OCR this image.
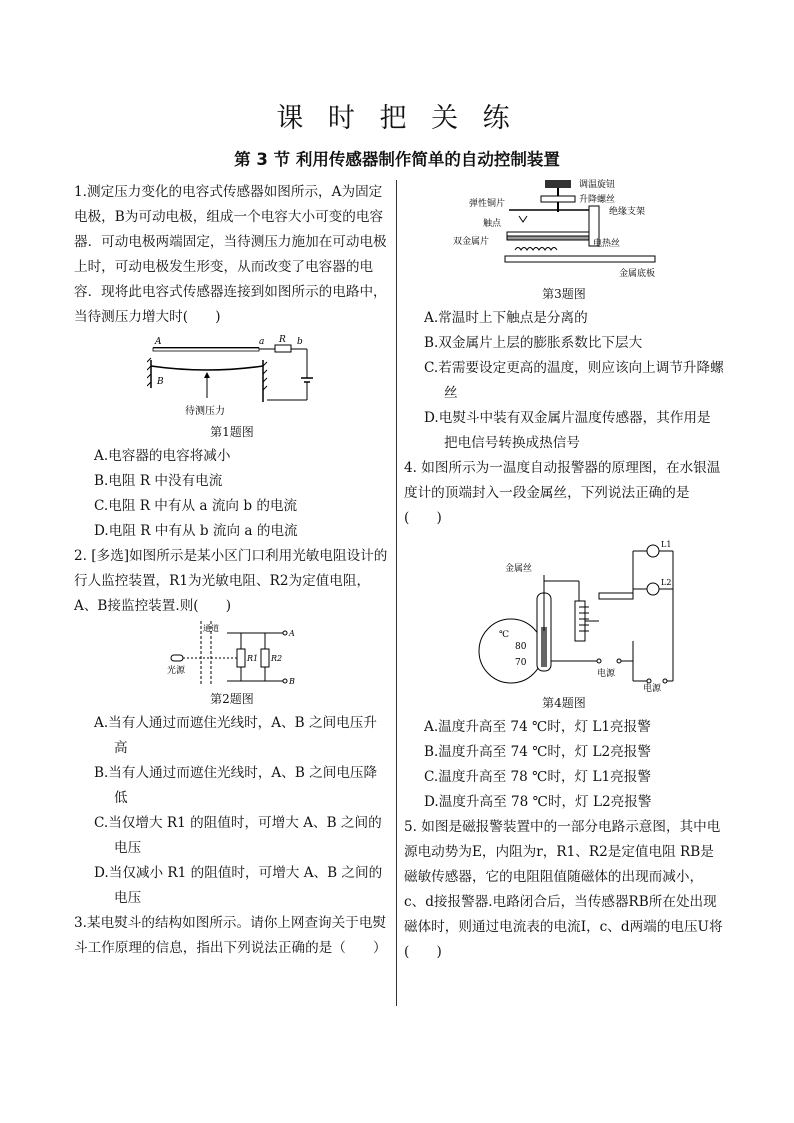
课 时 把 关 练
第 3 节 利用传感器制作简单的自动控制装置

1.测定压力变化的电容式传感器如图所示，A为固定电极，B为可动电极，组成一个电容大小可变的电容器．可动电极两端固定，当待测压力施加在可动电极上时，可动电极发生形变，从而改变了电容器的电容．现将此电容式传感器连接到如图所示的电路中，当待测压力增大时(　　)

A	a R b
B
待测压力
第1题图
A.电容器的电容将减小
B.电阻 R 中没有电流
C.电阻 R 中有从 a 流向 b 的电流
D.电阻 R 中有从 b 流向 a 的电流

2. [多选]如图所示是某小区门口利用光敏电阻设计的行人监控装置，R1为光敏电阻、R2为定值电阻，A、B接监控装置.则(　　)

通道
光源
R1 R2
A
B
第2题图
A.当有人通过而遮住光线时，A、B 之间电压升高
B.当有人通过而遮住光线时，A、B 之间电压降低
C.当仅增大 R1 的阻值时，可增大 A、B 之间的电压
D.当仅减小 R1 的阻值时，可增大 A、B 之间的电压

3.某电熨斗的结构如图所示。请你上网查询关于电熨斗工作原理的信息，指出下列说法正确的是（　　）

调温旋钮
升降螺丝
绝缘支架
弹性铜片
触点
双金属片	电热丝
金属底板
第3题图
A.常温时上下触点是分离的
B.双金属片上层的膨胀系数比下层大
C.若需要设定更高的温度，则应该向上调节升降螺丝
D.电熨斗中装有双金属片温度传感器，其作用是把电信号转换成热信号

4. 如图所示为一温度自动报警器的原理图，在水银温度计的顶端封入一段金属丝，下列说法正确的是(　　)

金属丝
℃
80
70
电源
L1
L2
电源
第4题图
A.温度升高至 74 ℃时，灯 L1亮报警
B.温度升高至 74 ℃时，灯 L2亮报警
C.温度升高至 78 ℃时，灯 L1亮报警
D.温度升高至 78 ℃时，灯 L2亮报警

5. 如图是磁报警装置中的一部分电路示意图，其中电源电动势为E，内阻为r，R1、R2是定值电阻 RB是磁敏传感器，它的电阻阻值随磁体的出现而减小，c、d接报警器.电路闭合后，当传感器RB所在处出现磁体时，则通过电流表的电流I，c、d两端的电压U将(　　)
